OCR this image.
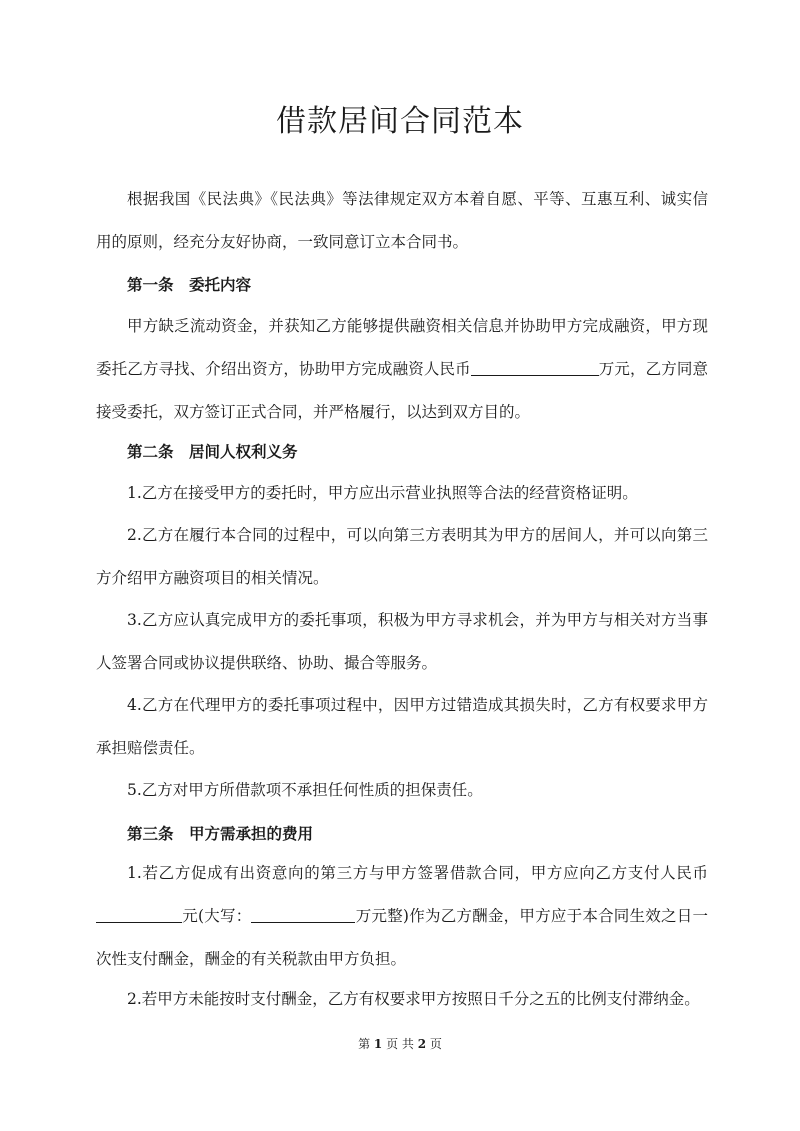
借款居间合同范本
根据我国《民法典》《民法典》等法律规定双方本着自愿、平等、互惠互利、诚实信用的原则，经充分友好协商，一致同意订立本合同书。
第一条　委托内容
甲方缺乏流动资金，并获知乙方能够提供融资相关信息并协助甲方完成融资，甲方现委托乙方寻找、介绍出资方，协助甲方完成融资人民币	万元，乙方同意接受委托，双方签订正式合同，并严格履行，以达到双方目的。
第二条　居间人权利义务
1.乙方在接受甲方的委托时，甲方应出示营业执照等合法的经营资格证明。
2.乙方在履行本合同的过程中，可以向第三方表明其为甲方的居间人，并可以向第三方介绍甲方融资项目的相关情况。
3.乙方应认真完成甲方的委托事项，积极为甲方寻求机会，并为甲方与相关对方当事人签署合同或协议提供联络、协助、撮合等服务。
4.乙方在代理甲方的委托事项过程中，因甲方过错造成其损失时，乙方有权要求甲方承担赔偿责任。
5.乙方对甲方所借款项不承担任何性质的担保责任。
第三条　甲方需承担的费用
1.若乙方促成有出资意向的第三方与甲方签署借款合同，甲方应向乙方支付人民币元(大写：	万元整)作为乙方酬金，甲方应于本合同生效之日一次性支付酬金，酬金的有关税款由甲方负担。
2.若甲方未能按时支付酬金，乙方有权要求甲方按照日千分之五的比例支付滞纳金。
第 1 页 共 2 页
